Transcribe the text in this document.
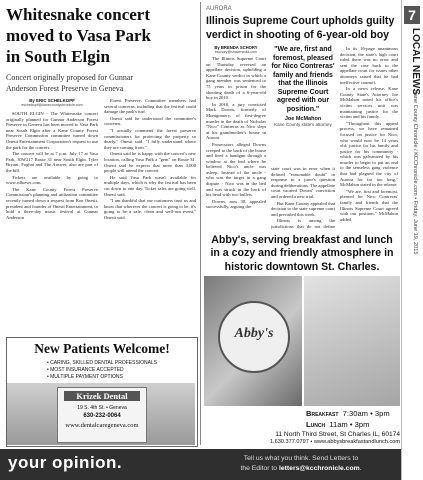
Whitesnake concert
moved to Vasa Park
in South Elgin
Concert originally proposed for Gunnar
Anderson Forest Preserve in Geneva
By ERIC SCHELKOPF
eschelkopf@kanecountychronicle.com

SOUTH ELGIN - The Whitesnake concert originally planned for Gunnar Anderson Forest Preserve in Geneva has been moved to Vasa Park near South Elgin after a Kane County Forest Preserve Commission committee turned down Onesti Entertainment Corporation's request to use the park for the concert.

The concert will be at 7 p.m. July 17 at Vasa Park, 30W217 Route 31 near South Elgin. Tyler Bryant, Foghat and The Answer, also are part of the bill.

Tickets are available by going to www.rdloews.com.

The Kane County Forest Preserve Commission's planning and utilization committee recently turned down a request from Ron Onesti, president and founder of Onesti Entertainment, to hold a three-day music festival at Gunnar Anderson

Forest Preserve. Committee members had several concerns, including that the festival could damage the park's turf.

Onesti said he understood the committee's concerns.

"I actually commend the forest preserve commissioners for protecting the property so dearly," Onesti said. "I fully understand where they are coming from."

Onesti said he is happy with the concert's new location, calling Vasa Park a "gem" on Route 31. Onesti said he expects that more than 3,000 people will attend the concert.

He said Vasa Park wasn't available for multiple days, which is why the festival has been cut down to one day. Ticket sales are going well, Onesti said.

"I am thankful that our customers trust us and know that wherever the concert is going to be, it's going to be a safe, clean and well-run event," Onesti said.

New Patients Welcome!
• CARING, SKILLED DENTAL PROFESSIONALS
• MOST INSURANCE ACCEPTED
• MULTIPLE PAYMENT OPTIONS
Krizek Dental
19 S. 4th St. • Geneva
630-232-0064
www.dentalcaregeneva.com
AURORA
Illinois Supreme Court upholds guilty
verdict in shooting of 6-year-old boy
By BRENDA SCHORY
bschory@shawmedia.com

The Illinois Supreme Court on Thursday reversed an appellate decision, upholding a Kane County verdict in which a gang member was sentenced to 75 years in prison for the shooting death of a 6-year-old boy in 2010.

In 2010, a jury convicted Mark Downs, formerly of Montgomery, of first-degree murder in the death of Nicholas "Nico" Contreras as Nico slept at his grandmother's house in Aurora.

Prosecutors alleged Downs creeped to the back of the house and fired a handgun through a window at the bed where he believed Nico's uncle was asleep. Instead of the uncle - who was the target in a gang dispute - Nico was in the bed and was struck in the back of his head with two bullets.

Downs, now 38, appealed successfully, arguing the

"We are, first and foremost, pleased for Nico Contreras' family and friends that the Illinois Supreme Court agreed with our position."
Joe McMahon
Kane County state's attorney

state court was in error when it defined "reasonable doubt" in response to a juror's question during deliberations. The appellate court vacated Downs' conviction and ordered a new trial.

But Kane County appealed that decision to the state supreme court and prevailed this week.

Illinois is among the jurisdictions that do not define

In its 16-page unanimous decision, the state's high court ruled there was no error and sent the case back to the appellate court for issues other attorneys raised that he had ineffective counsel.

In a news release, Kane County State's Attorney Joe McMahon noted his office's victim services unit was maintaining justice for the victim and his family.

"Throughout this appeal process, we have remained focused on justice for Nico, who would now be 14 years old; justice for his family and justice for his community - which was galvanized by his murder to begin to put an end to the senseless gang violence that had plagued the city of Aurora for far too long," McMahon stated in the release.

"We are, first and foremost, pleased for Nico Contreras' family and friends that the Illinois Supreme Court agreed with our position," McMahon added.

Abby's, serving breakfast and lunch
in a cozy and friendly atmosphere in
historic downtown St. Charles.
Abby's
Breakfast 7:30am • 3pm
Lunch 11am • 3pm
11 North Third Street, St Charles IL, 60174
1.630.377.0797 • www.abbysbreakfastandlunch.com
your opinion.	Tell us what you think. Send Letters to
the Editor to letters@kcchronicle.com.
7
LOCAL NEWS
Kane County Chronicle / KCChronicle.com • Friday, June 19, 2015
